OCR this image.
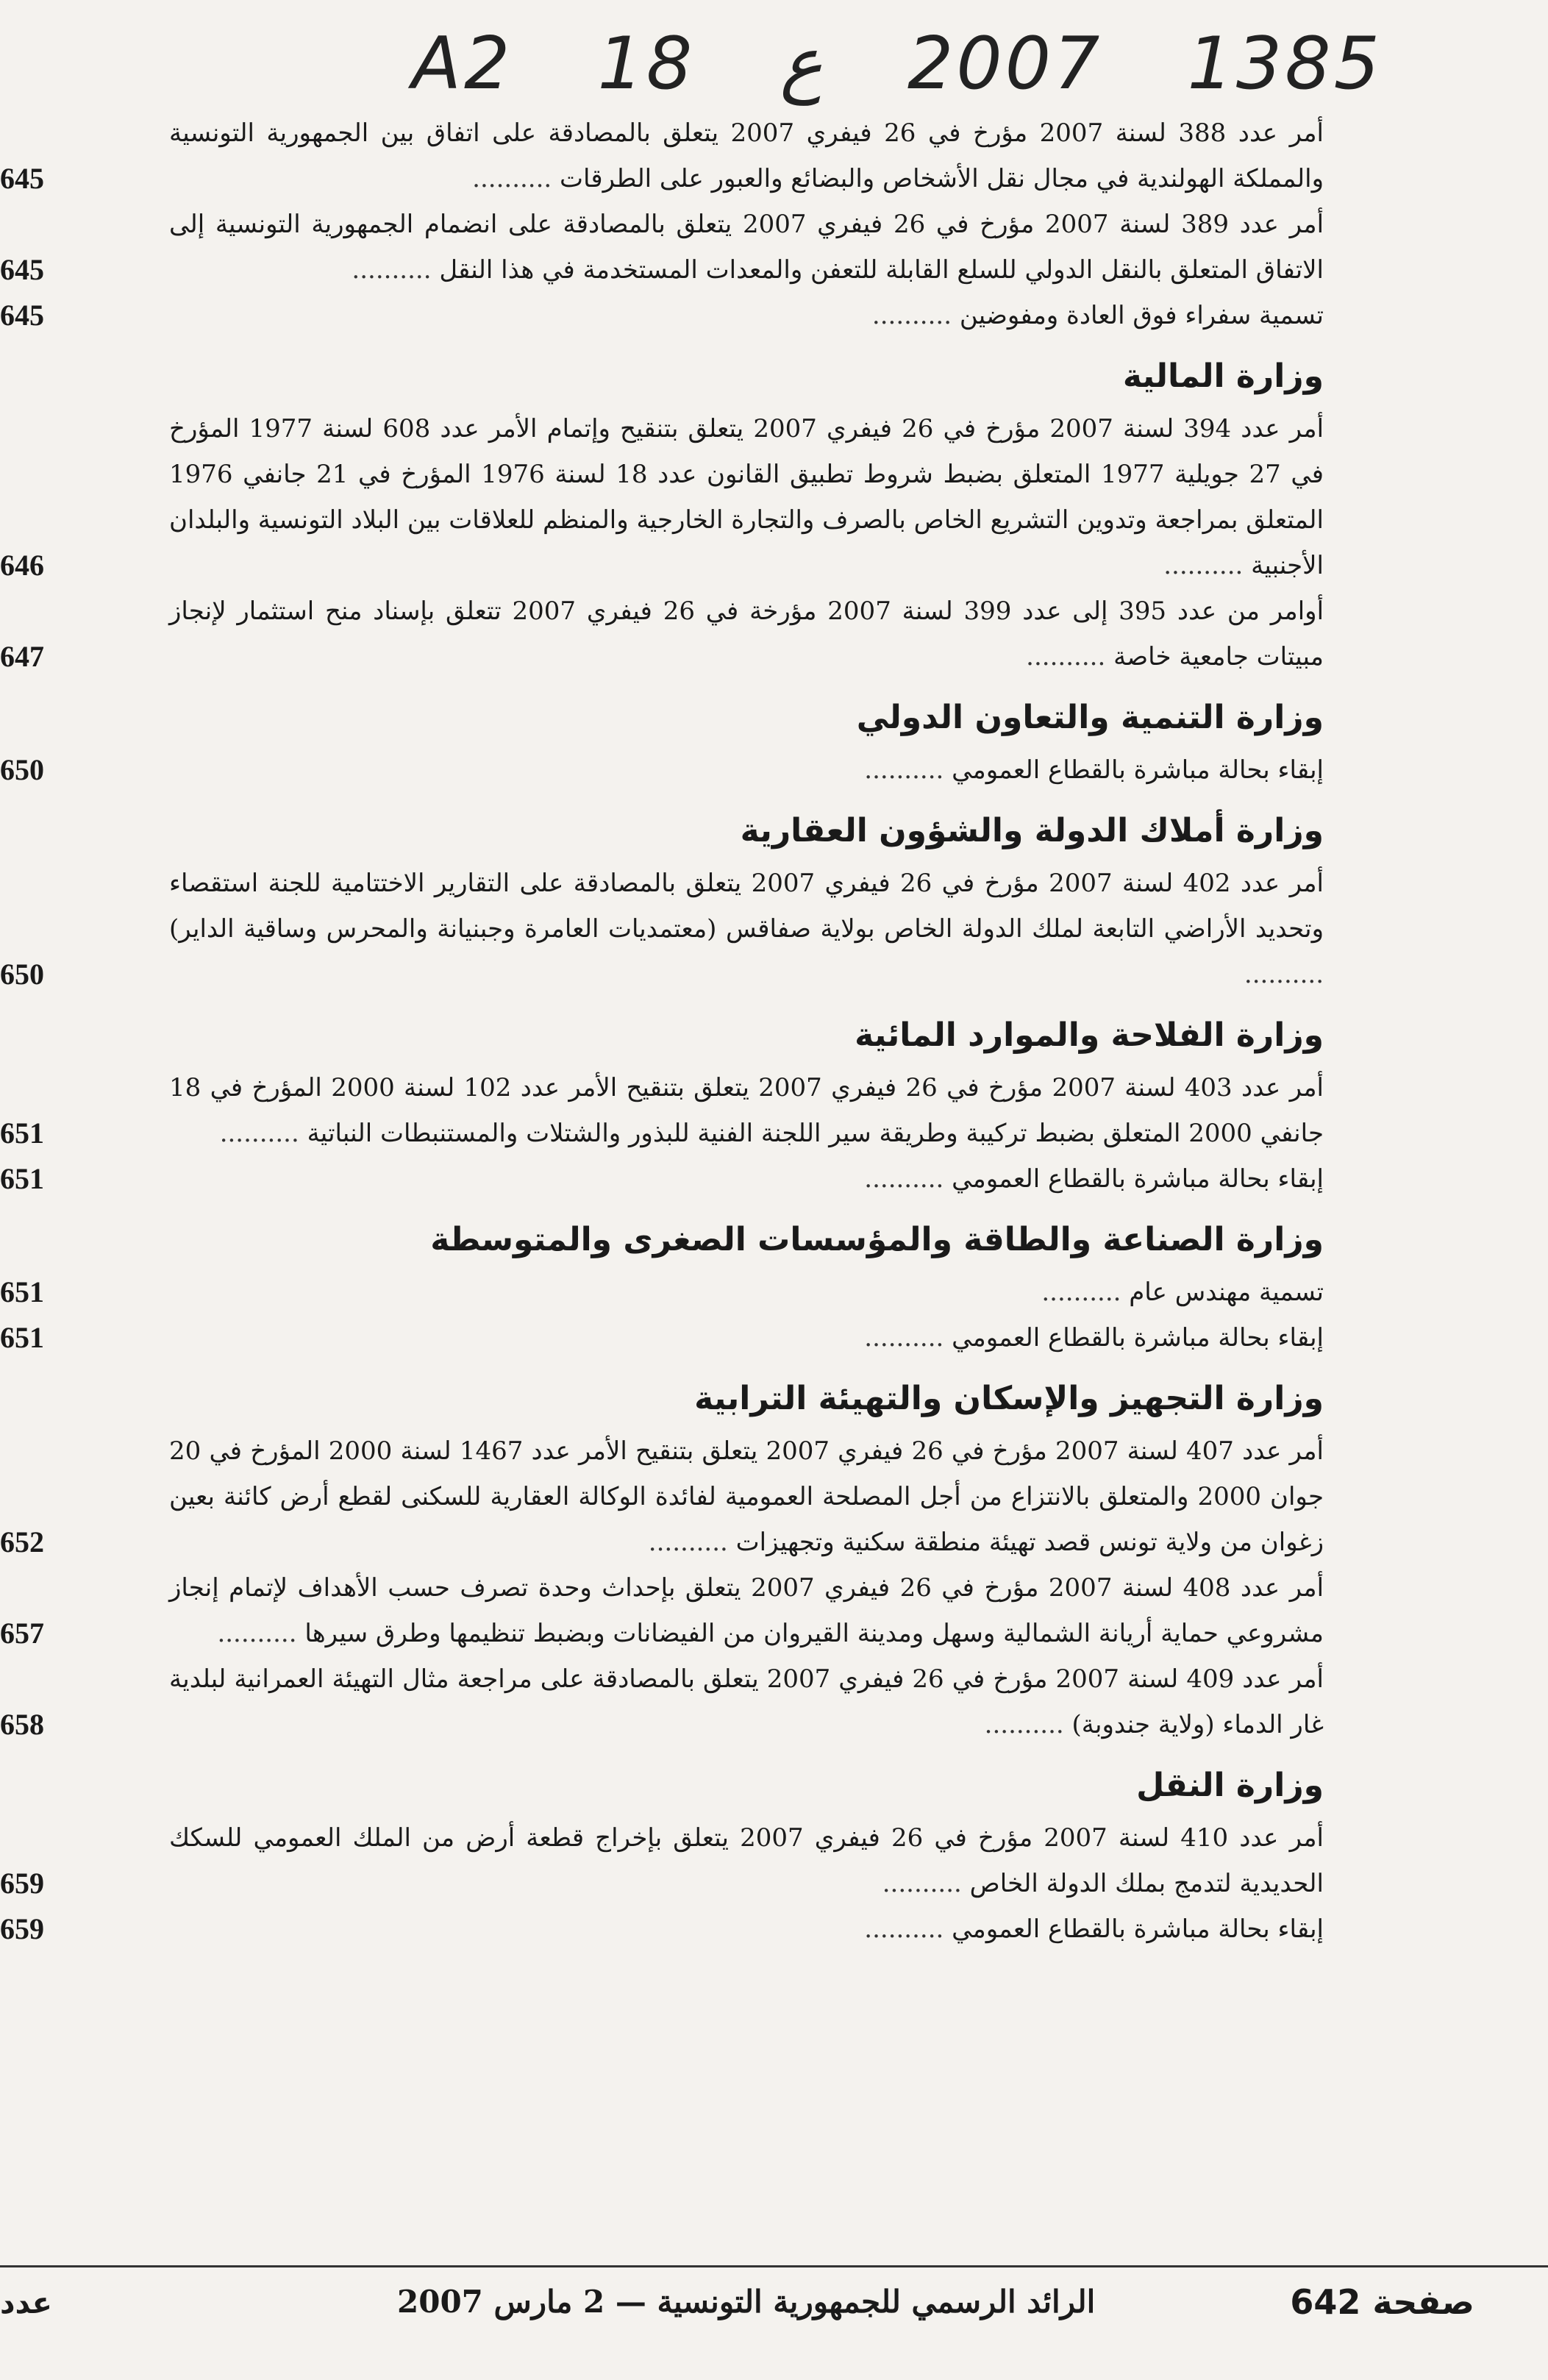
A2 18 ع 2007 1385
أمر عدد 388 لسنة 2007 مؤرخ في 26 فيفري 2007 يتعلق بالمصادقة على اتفاق بين الجمهورية التونسية والمملكة الهولندية في مجال نقل الأشخاص والبضائع والعبور على الطرقات ..........
645
أمر عدد 389 لسنة 2007 مؤرخ في 26 فيفري 2007 يتعلق بالمصادقة على انضمام الجمهورية التونسية إلى الاتفاق المتعلق بالنقل الدولي للسلع القابلة للتعفن والمعدات المستخدمة في هذا النقل ..........
645
تسمية سفراء فوق العادة ومفوضين ..........
645
وزارة المالية
أمر عدد 394 لسنة 2007 مؤرخ في 26 فيفري 2007 يتعلق بتنقيح وإتمام الأمر عدد 608 لسنة 1977 المؤرخ في 27 جويلية 1977 المتعلق بضبط شروط تطبيق القانون عدد 18 لسنة 1976 المؤرخ في 21 جانفي 1976 المتعلق بمراجعة وتدوين التشريع الخاص بالصرف والتجارة الخارجية والمنظم للعلاقات بين البلاد التونسية والبلدان الأجنبية ..........
646
أوامر من عدد 395 إلى عدد 399 لسنة 2007 مؤرخة في 26 فيفري 2007 تتعلق بإسناد منح استثمار لإنجاز مبيتات جامعية خاصة ..........
647
وزارة التنمية والتعاون الدولي
إبقاء بحالة مباشرة بالقطاع العمومي ..........
650
وزارة أملاك الدولة والشؤون العقارية
أمر عدد 402 لسنة 2007 مؤرخ في 26 فيفري 2007 يتعلق بالمصادقة على التقارير الاختتامية للجنة استقصاء وتحديد الأراضي التابعة لملك الدولة الخاص بولاية صفاقس (معتمديات العامرة وجبنيانة والمحرس وساقية الداير) ..........
650
وزارة الفلاحة والموارد المائية
أمر عدد 403 لسنة 2007 مؤرخ في 26 فيفري 2007 يتعلق بتنقيح الأمر عدد 102 لسنة 2000 المؤرخ في 18 جانفي 2000 المتعلق بضبط تركيبة وطريقة سير اللجنة الفنية للبذور والشتلات والمستنبطات النباتية ..........
651
إبقاء بحالة مباشرة بالقطاع العمومي ..........
651
وزارة الصناعة والطاقة والمؤسسات الصغرى والمتوسطة
تسمية مهندس عام ..........
651
إبقاء بحالة مباشرة بالقطاع العمومي ..........
651
وزارة التجهيز والإسكان والتهيئة الترابية
أمر عدد 407 لسنة 2007 مؤرخ في 26 فيفري 2007 يتعلق بتنقيح الأمر عدد 1467 لسنة 2000 المؤرخ في 20 جوان 2000 والمتعلق بالانتزاع من أجل المصلحة العمومية لفائدة الوكالة العقارية للسكنى لقطع أرض كائنة بعين زغوان من ولاية تونس قصد تهيئة منطقة سكنية وتجهيزات ..........
652
أمر عدد 408 لسنة 2007 مؤرخ في 26 فيفري 2007 يتعلق بإحداث وحدة تصرف حسب الأهداف لإتمام إنجاز مشروعي حماية أريانة الشمالية وسهل ومدينة القيروان من الفيضانات وبضبط تنظيمها وطرق سيرها ..........
657
أمر عدد 409 لسنة 2007 مؤرخ في 26 فيفري 2007 يتعلق بالمصادقة على مراجعة مثال التهيئة العمرانية لبلدية غار الدماء (ولاية جندوبة) ..........
658
وزارة النقل
أمر عدد 410 لسنة 2007 مؤرخ في 26 فيفري 2007 يتعلق بإخراج قطعة أرض من الملك العمومي للسكك الحديدية لتدمج بملك الدولة الخاص ..........
659
إبقاء بحالة مباشرة بالقطاع العمومي ..........
659
صفحة 642
الرائد الرسمي للجمهورية التونسية — 2 مارس 2007
عدد
